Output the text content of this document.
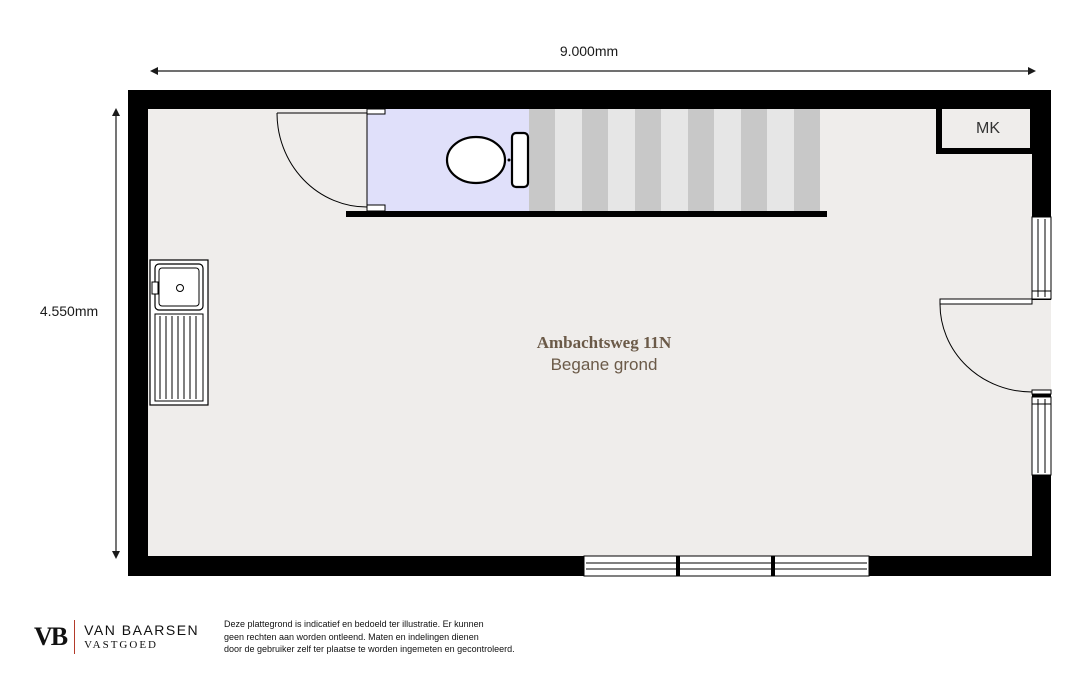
9.000mm
4.550mm
MK
Ambachtsweg 11N
Begane grond
VB VAN BAARSEN
VASTGOED
Deze plattegrond is indicatief en bedoeld ter illustratie. Er kunnen
geen rechten aan worden ontleend. Maten en indelingen dienen
door de gebruiker zelf ter plaatse te worden ingemeten en gecontroleerd.
